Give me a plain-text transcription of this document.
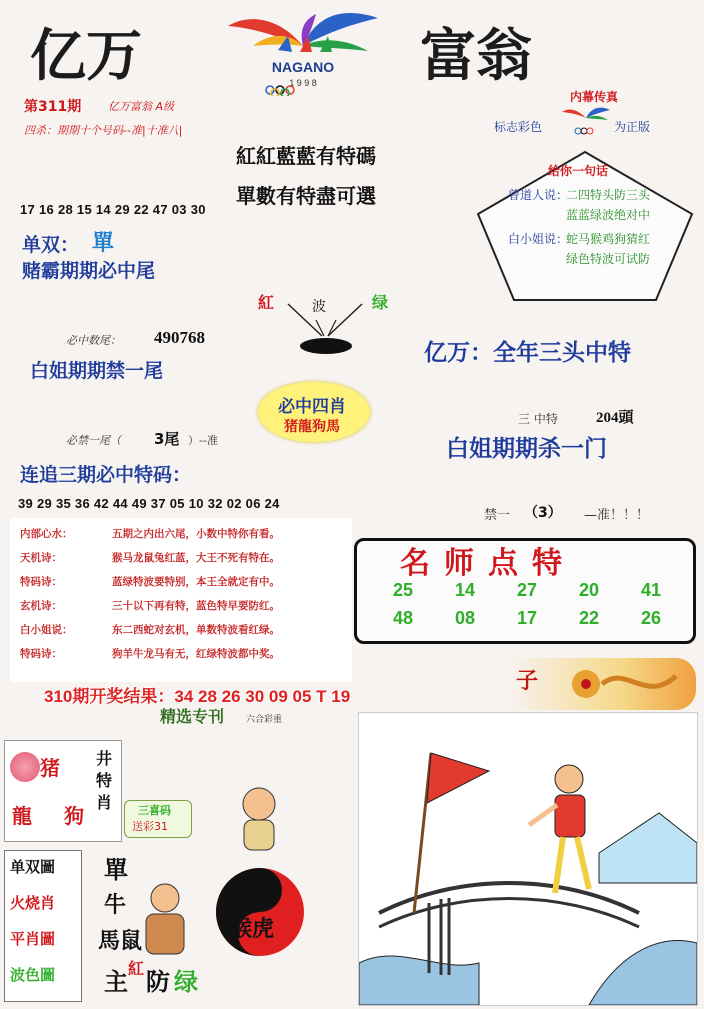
亿万	富翁
NAGANO
1 9 9 8
第311期 亿万富翁 A级
四杀：期期十个号码--准|十准八|
紅紅藍藍有特碼
單數有特盡可選
内幕传真
标志彩色	为正版
给你一句话
曾道人说：
二四特头防三头
蓝蓝绿波绝对中
白小姐说：
蛇马猴鸡狗猜红
绿色特波可试防
17 16 28 15 14 29 22 47 03 30
单双： 單
赌霸期期必中尾
紅	波	绿
必中数尾： 490768
白姐期期禁一尾
亿万：全年三头中特
必中四肖
猪龍狗馬	三 中特	204頭
必禁一尾（ 3尾 ）--准	白姐期期杀一门
连追三期必中特码：
39 29 35 36 42 44 49 37 05 10 32 02 06 24
禁一 （3） —准！！！
内部心水：	五期之内出六尾，小数中特你有看。
天机诗：	猴马龙鼠兔红蓝，大王不死有特在。
特码诗：	蓝绿特波要特别，本王全就定有中。
玄机诗：	三十以下再有特，蓝色特早要防红。
白小姐说：	东二西蛇对玄机，单数特波看红绿。
特码诗：	狗羊牛龙马有无，红绿特波都中奖。
名师点特
25	14	27	20	41
48	08	17	22	26
310期开奖结果：34 28 26 30 09 05 T 19
子
精选专刊 六合彩重
猪
龍 狗
井
特
肖 三喜码
送彩31
单双圖
火烧肖
平肖圖
波色圖
單
牛
馬鼠	猴虎
主 紅 防 绿
